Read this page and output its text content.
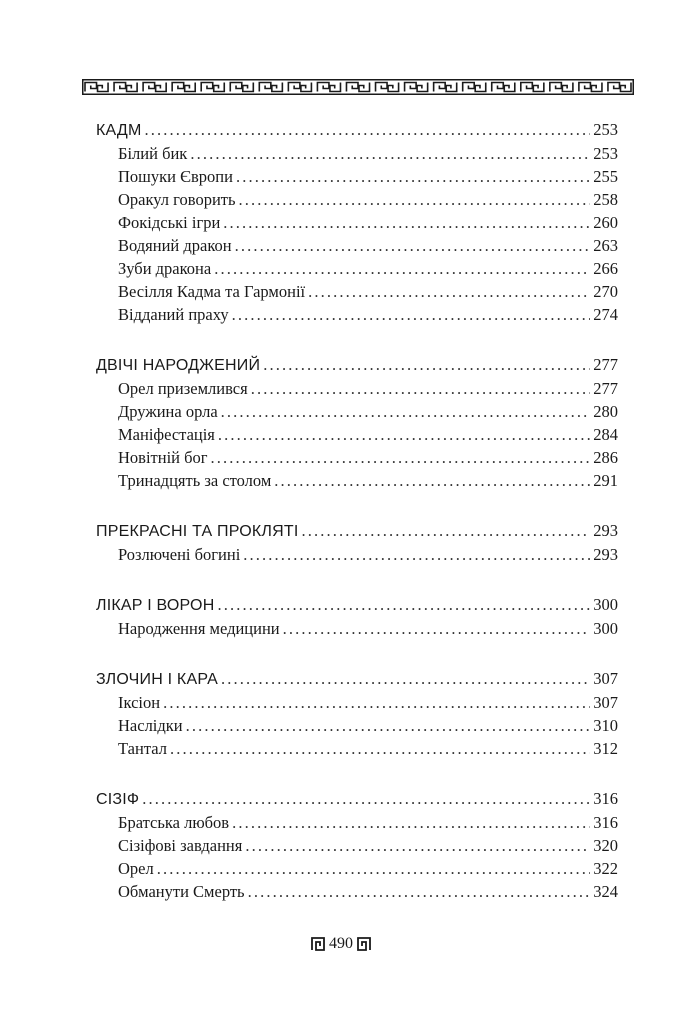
КАДМ . . .	253
Білий бик . . .	253
Пошуки Європи . . .	255
Оракул говорить . . .	258
Фокідські ігри . . .	260
Водяний дракон . . .	263
Зуби дракона . . .	266
Весілля Кадма та Гармонії . . .	270
Відданий праху . . .	274
ДВІЧІ НАРОДЖЕНИЙ . . .	277
Орел приземлився . . .	277
Дружина орла . . .	280
Маніфестація . . .	284
Новітній бог . . .	286
Тринадцять за столом . . .	291
ПРЕКРАСНІ ТА ПРОКЛЯТІ . . .	293
Розлючені богині . . .	293
ЛІКАР І ВОРОН . . .	300
Народження медицини . . .	300
ЗЛОЧИН І КАРА . . .	307
Іксіон . . .	307
Наслідки . . .	310
Тантал . . .	312
СІЗІФ . . .	316
Братська любов . . .	316
Сізіфові завдання . . .	320
Орел . . .	322
Обманути Смерть . . .	324
490
